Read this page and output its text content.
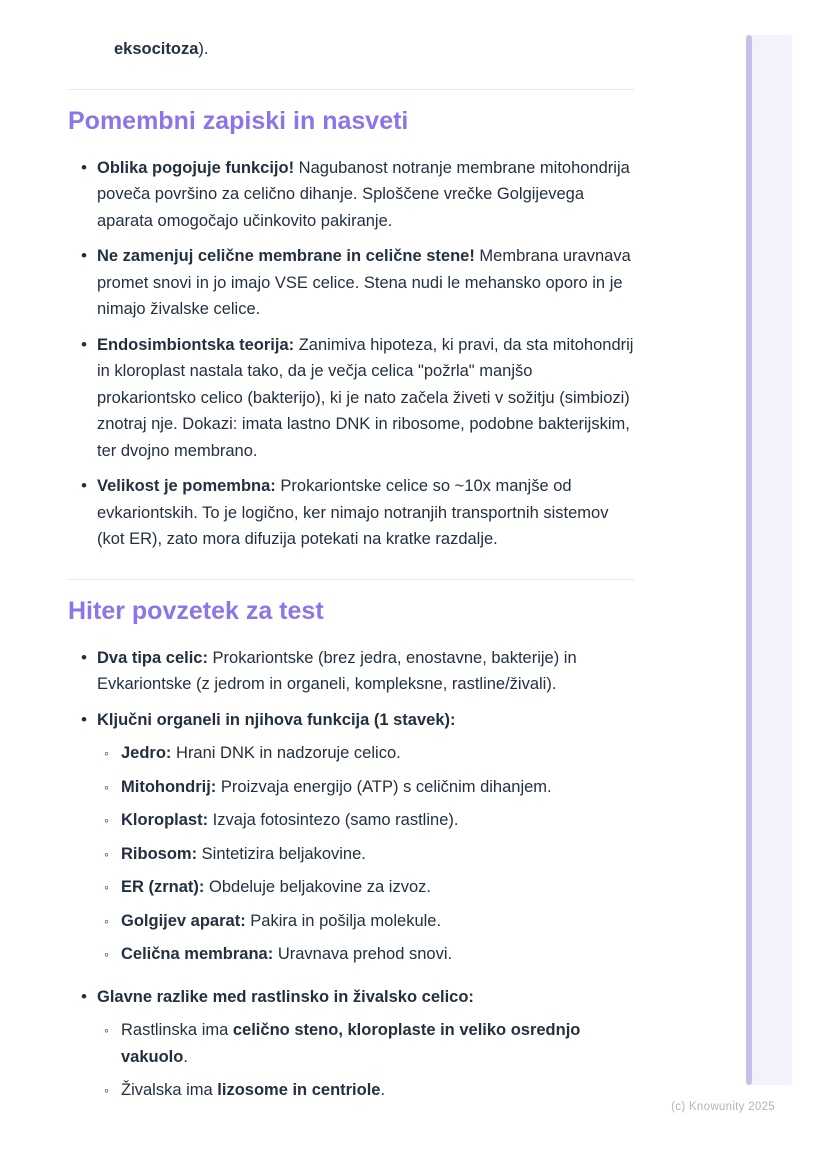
eksocitoza).

Pomembni zapiski in nasveti
• Oblika pogojuje funkcijo! Nagubanost notranje membrane mitohondrija poveča površino za celično dihanje. Sploščene vrečke Golgijevega aparata omogočajo učinkovito pakiranje.
• Ne zamenjuj celične membrane in celične stene! Membrana uravnava promet snovi in jo imajo VSE celice. Stena nudi le mehansko oporo in je nimajo živalske celice.
• Endosimbiontska teorija: Zanimiva hipoteza, ki pravi, da sta mitohondrij in kloroplast nastala tako, da je večja celica "požrla" manjšo prokariontsko celico (bakterijo), ki je nato začela živeti v sožitju (simbiozi) znotraj nje. Dokazi: imata lastno DNK in ribosome, podobne bakterijskim, ter dvojno membrano.
• Velikost je pomembna: Prokariontske celice so ~10x manjše od evkariontskih. To je logično, ker nimajo notranjih transportnih sistemov (kot ER), zato mora difuzija potekati na kratke razdalje.
Hiter povzetek za test
• Dva tipa celic: Prokariontske (brez jedra, enostavne, bakterije) in Evkariontske (z jedrom in organeli, kompleksne, rastline/živali).
• Ključni organeli in njihova funkcija (1 stavek):
◦ Jedro: Hrani DNK in nadzoruje celico.
◦ Mitohondrij: Proizvaja energijo (ATP) s celičnim dihanjem.
◦ Kloroplast: Izvaja fotosintezo (samo rastline).
◦ Ribosom: Sintetizira beljakovine.
◦ ER (zrnat): Obdeluje beljakovine za izvoz.
◦ Golgijev aparat: Pakira in pošilja molekule.
◦ Celična membrana: Uravnava prehod snovi.
• Glavne razlike med rastlinsko in živalsko celico:
◦ Rastlinska ima celično steno, kloroplaste in veliko osrednjo vakuolo.
◦ Živalska ima lizosome in centriole.
(c) Knowunity 2025
